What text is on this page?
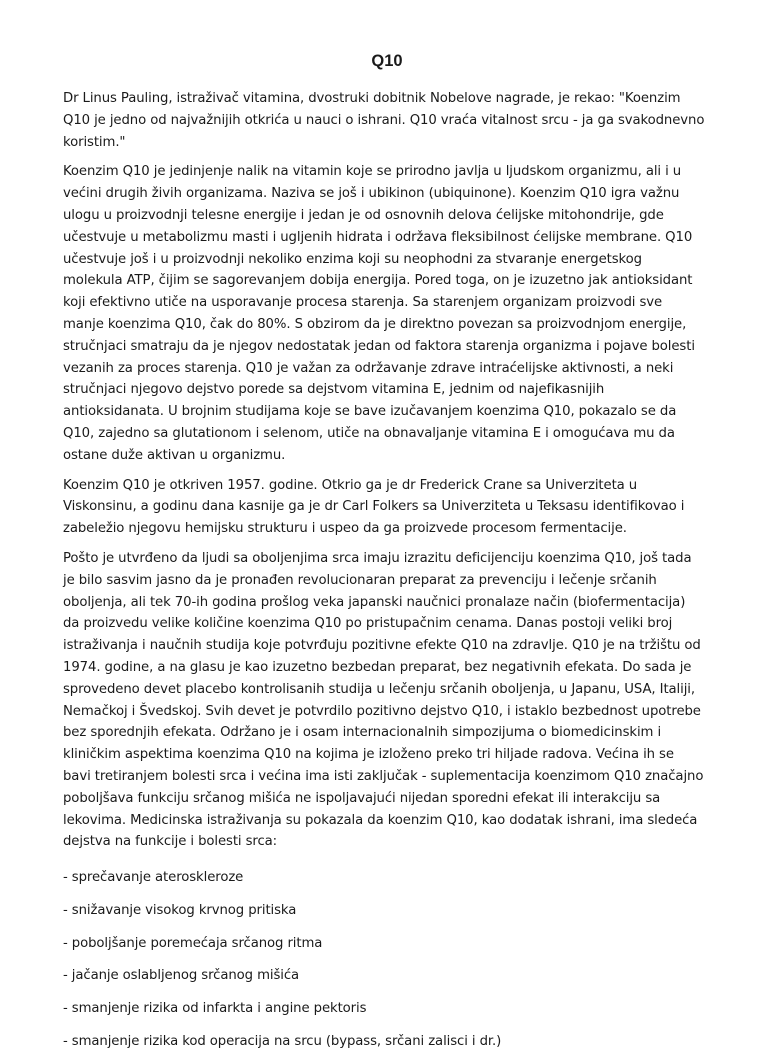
Q10

Dr Linus Pauling, istraživač vitamina, dvostruki dobitnik Nobelove nagrade, je rekao: "Koenzim Q10 je jedno od najvažnijih otkrića u nauci o ishrani. Q10 vraća vitalnost srcu - ja ga svakodnevno koristim."

Koenzim Q10 je jedinjenje nalik na vitamin koje se prirodno javlja u ljudskom organizmu, ali i u većini drugih živih organizama. Naziva se još i ubikinon (ubiquinone). Koenzim Q10 igra važnu ulogu u proizvodnji telesne energije i jedan je od osnovnih delova ćelijske mitohondrije, gde učestvuje u metabolizmu masti i ugljenih hidrata i održava fleksibilnost ćelijske membrane. Q10 učestvuje još i u proizvodnji nekoliko enzima koji su neophodni za stvaranje energetskog molekula ATP, čijim se sagorevanjem dobija energija. Pored toga, on je izuzetno jak antioksidant koji efektivno utiče na usporavanje procesa starenja. Sa starenjem organizam proizvodi sve manje koenzima Q10, čak do 80%. S obzirom da je direktno povezan sa proizvodnjom energije, stručnjaci smatraju da je njegov nedostatak jedan od faktora starenja organizma i pojave bolesti vezanih za proces starenja. Q10 je važan za održavanje zdrave intraćelijske aktivnosti, a neki stručnjaci njegovo dejstvo porede sa dejstvom vitamina E, jednim od najefikasnijih antioksidanata. U brojnim studijama koje se bave izučavanjem koenzima Q10, pokazalo se da Q10, zajedno sa glutationom i selenom, utiče na obnavaljanje vitamina E i omogućava mu da ostane duže aktivan u organizmu.

Koenzim Q10 je otkriven 1957. godine. Otkrio ga je dr Frederick Crane sa Univerziteta u Viskonsinu, a godinu dana kasnije ga je dr Carl Folkers sa Univerziteta u Teksasu identifikovao i zabeležio njegovu hemijsku strukturu i uspeo da ga proizvede procesom fermentacije.

Pošto je utvrđeno da ljudi sa oboljenjima srca imaju izrazitu deficijenciju koenzima Q10, još tada je bilo sasvim jasno da je pronađen revolucionaran preparat za prevenciju i lečenje srčanih oboljenja, ali tek 70-ih godina prošlog veka japanski naučnici pronalaze način (biofermentacija) da proizvedu velike količine koenzima Q10 po pristupačnim cenama. Danas postoji veliki broj istraživanja i naučnih studija koje potvrđuju pozitivne efekte Q10 na zdravlje. Q10 je na tržištu od 1974. godine, a na glasu je kao izuzetno bezbedan preparat, bez negativnih efekata. Do sada je sprovedeno devet placebo kontrolisanih studija u lečenju srčanih oboljenja, u Japanu, USA, Italiji, Nemačkoj i Švedskoj. Svih devet je potvrdilo pozitivno dejstvo Q10, i istaklo bezbednost upotrebe bez sporednjih efekata. Održano je i osam internacionalnih simpozijuma o biomedicinskim i kliničkim aspektima koenzima Q10 na kojima je izloženo preko tri hiljade radova. Većina ih se bavi tretiranjem bolesti srca i većina ima isti zaključak - suplementacija koenzimom Q10 značajno poboljšava funkciju srčanog mišića ne ispoljavajući nijedan sporedni efekat ili interakciju sa lekovima. Medicinska istraživanja su pokazala da koenzim Q10, kao dodatak ishrani, ima sledeća dejstva na funkcije i bolesti srca:

- sprečavanje ateroskleroze

- snižavanje visokog krvnog pritiska

- poboljšanje poremećaja srčanog ritma

- jačanje oslabljenog srčanog mišića

- smanjenje rizika od infarkta i angine pektoris

- smanjenje rizika kod operacija na srcu (bypass, srčani zalisci i dr.)
